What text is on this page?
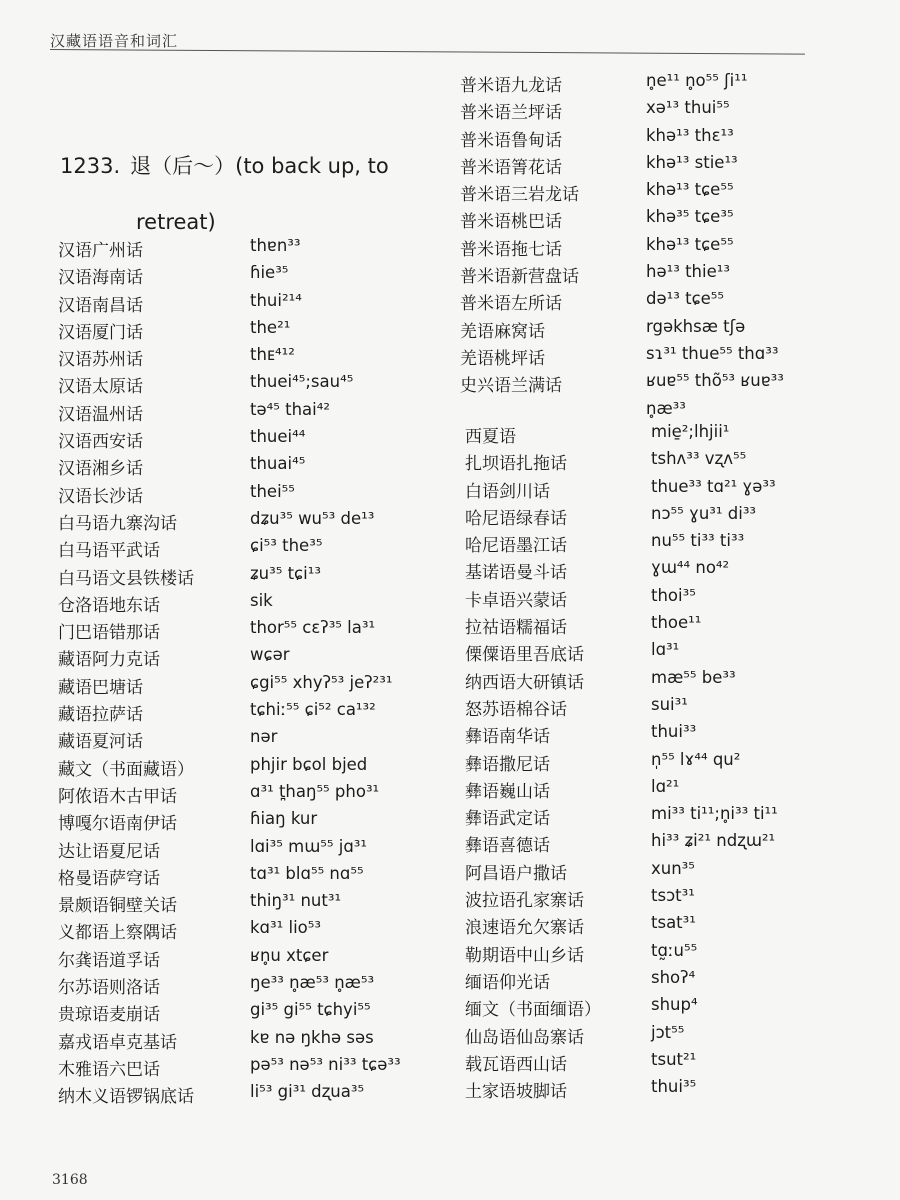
汉藏语语音和词汇
1233. 退（后～）(to back up, to
retreat)
汉语广州话	thɐn³³
汉语海南话	ɦie³⁵
汉语南昌话	thui²¹⁴
汉语厦门话	the²¹
汉语苏州话	thᴇ⁴¹²
汉语太原话	thuei⁴⁵;sau⁴⁵
汉语温州话	tə⁴⁵ thai⁴²
汉语西安话	thuei⁴⁴
汉语湘乡话	thuai⁴⁵
汉语长沙话	thei⁵⁵
白马语九寨沟话	dʑu³⁵ wu⁵³ de¹³
白马语平武话	ɕi⁵³ the³⁵
白马语文县铁楼话	ʑu³⁵ tɕi¹³
仓洛语地东话	sik
门巴语错那话	thor⁵⁵ cɛʔ³⁵ la³¹
藏语阿力克话	wɕər
藏语巴塘话	ɕgi⁵⁵ xhyʔ⁵³ jeʔ²³¹
藏语拉萨话	tɕhiː⁵⁵ ɕi⁵² ca¹³²
藏语夏河话	nər
藏文（书面藏语）	phjir bɕol bjed
阿侬语木古甲话	ɑ³¹ t̪haŋ⁵⁵ pho³¹
博嘎尔语南伊话	ɦiaŋ kur
达让语夏尼话	lɑi³⁵ mɯ⁵⁵ jɑ³¹
格曼语萨穹话	tɑ³¹ blɑ⁵⁵ nɑ⁵⁵
景颇语铜壁关话	thiŋ³¹ nut³¹
义都语上察隅话	kɑ³¹ lio⁵³
尔龚语道孚话	ʁn̥u xtɕer
尔苏语则洛话	ŋe³³ n̥æ⁵³ n̥æ⁵³
贵琼语麦崩话	gi³⁵ gi⁵⁵ tɕhyi⁵⁵
嘉戎语卓克基话	kɐ nə ŋkhə səs
木雅语六巴话	pə⁵³ nə⁵³ ni³³ tɕə³³
纳木义语锣锅底话	li⁵³ gi³¹ dʐua³⁵
普米语九龙话	n̥e¹¹ n̥o⁵⁵ ʃi¹¹
普米语兰坪话	xə¹³ thui⁵⁵
普米语鲁甸话	khə¹³ thɛ¹³
普米语箐花话	khə¹³ stie¹³
普米语三岩龙话	khə¹³ tɕe⁵⁵
普米语桃巴话	khə³⁵ tɕe³⁵
普米语拖七话	khə¹³ tɕe⁵⁵
普米语新营盘话	hə¹³ thie¹³
普米语左所话	də¹³ tɕe⁵⁵
羌语麻窝话	rgəkhsæ tʃə
羌语桃坪话	sɿ³¹ thue⁵⁵ thɑ³³
史兴语兰满话	ʁuɐ⁵⁵ thõ⁵³ ʁuɐ³³
n̥æ³³
西夏语	mie̱²;lhjii¹
扎坝语扎拖话	tshʌ³³ vʐʌ⁵⁵
白语剑川话	thue³³ tɑ²¹ ɣə³³
哈尼语绿春话	nɔ⁵⁵ ɣu³¹ di³³
哈尼语墨江话	nu⁵⁵ ti³³ ti³³
基诺语曼斗话	ɣɯ⁴⁴ no⁴²
卡卓语兴蒙话	thoi³⁵
拉祜语糯福话	thoe¹¹
傈僳语里吾底话	lɑ³¹
纳西语大研镇话	mæ⁵⁵ be³³
怒苏语棉谷话	sui³¹
彝语南华话	thui³³
彝语撒尼话	n̩⁵⁵ lɤ⁴⁴ qu²
彝语巍山话	lɑ²¹
彝语武定话	mi³³ ti¹¹;n̥i³³ ti¹¹
彝语喜德话	hi³³ ʑi²¹ ndʐɯ²¹
阿昌语户撒话	xun³⁵
波拉语孔家寨话	tsɔt³¹
浪速语允欠寨话	tsat³¹
勒期语中山乡话	tɑ̰ːu⁵⁵
缅语仰光话	shoʔ⁴
缅文（书面缅语）	shup⁴
仙岛语仙岛寨话	jɔt⁵⁵
载瓦语西山话	tsut²¹
土家语坡脚话	thui³⁵
3168
